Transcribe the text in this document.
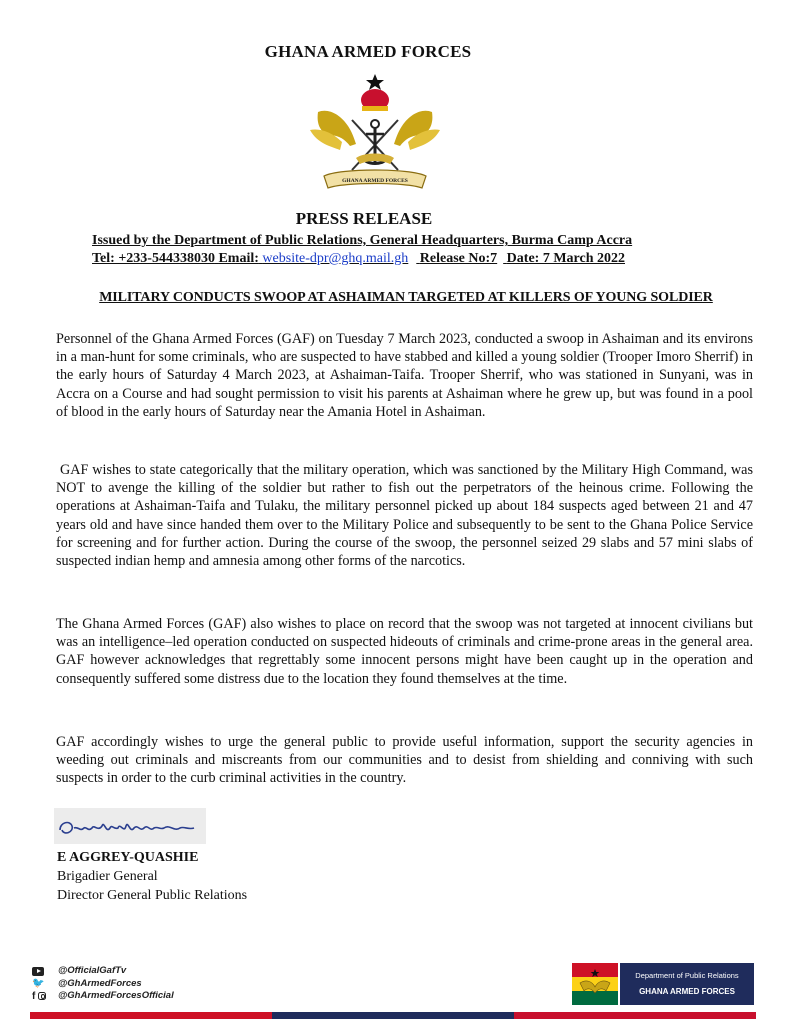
GHANA ARMED FORCES
GHANA ARMED FORCES
PRESS RELEASE
Issued by the Department of Public Relations, General Headquarters, Burma Camp Accra
Tel: +233-544338030 Email: website-dpr@ghq.mail.gh Release No:7 Date: 7 March 2022
MILITARY CONDUCTS SWOOP AT ASHAIMAN TARGETED AT KILLERS OF YOUNG SOLDIER

Personnel of the Ghana Armed Forces (GAF) on Tuesday 7 March 2023, conducted a swoop in Ashaiman and its environs in a man-hunt for some criminals, who are suspected to have stabbed and killed a young soldier (Trooper Imoro Sherrif) in the early hours of Saturday 4 March 2023, at Ashaiman-Taifa. Trooper Sherrif, who was stationed in Sunyani, was in Accra on a Course and had sought permission to visit his parents at Ashaiman where he grew up, but was found in a pool of blood in the early hours of Saturday near the Amania Hotel in Ashaiman.

GAF wishes to state categorically that the military operation, which was sanctioned by the Military High Command, was NOT to avenge the killing of the soldier but rather to fish out the perpetrators of the heinous crime. Following the operations at Ashaiman-Taifa and Tulaku, the military personnel picked up about 184 suspects aged between 21 and 47 years old and have since handed them over to the Military Police and subsequently to be sent to the Ghana Police Service for screening and for further action. During the course of the swoop, the personnel seized 29 slabs and 57 mini slabs of suspected indian hemp and amnesia among other forms of the narcotics.

The Ghana Armed Forces (GAF) also wishes to place on record that the swoop was not targeted at innocent civilians but was an intelligence–led operation conducted on suspected hideouts of criminals and crime-prone areas in the general area. GAF however acknowledges that regrettably some innocent persons might have been caught up in the operation and consequently suffered some distress due to the location they found themselves at the time.

GAF accordingly wishes to urge the general public to provide useful information, support the security agencies in weeding out criminals and miscreants from our communities and to desist from shielding and conniving with such suspects in order to the curb criminal activities in the country.

E AGGREY-QUASHIE
Brigadier General
Director General Public Relations
@OfficialGafTv
🐦 @GhArmedForces
f	@GhArmedForcesOfficial
Department of Public Relations
GHANA ARMED FORCES
